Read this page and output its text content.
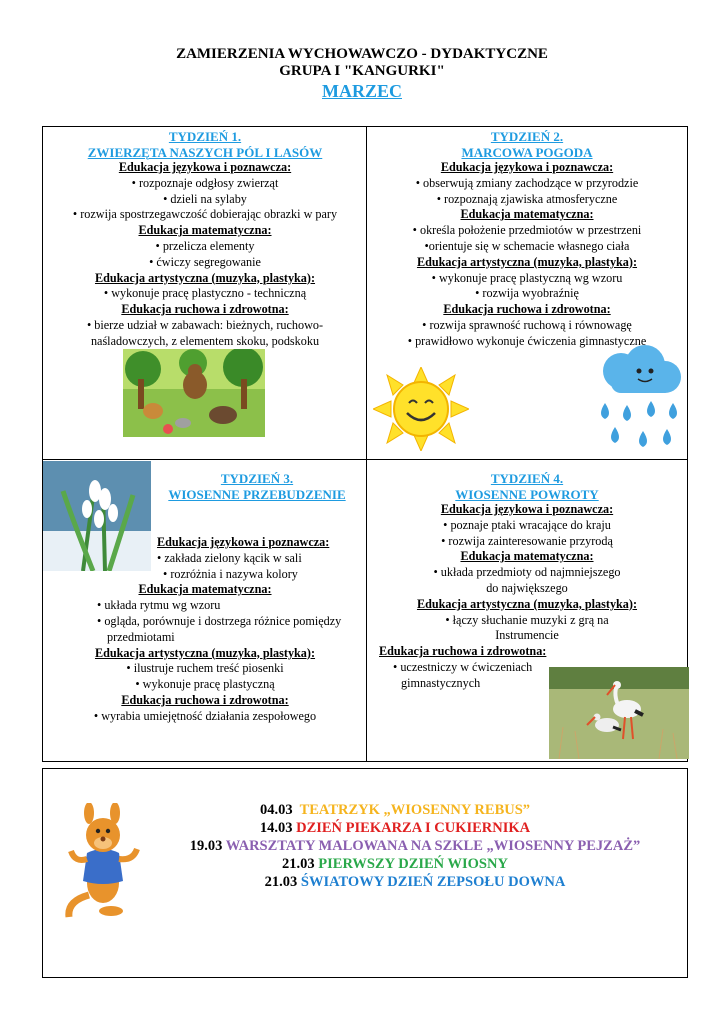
ZAMIERZENIA WYCHOWAWCZO - DYDAKTYCZNE
GRUPA I "KANGURKI"
MARZEC
TYDZIEŃ 1.
ZWIERZĘTA NASZYCH PÓL I LASÓW
Edukacja językowa i poznawcza:
• rozpoznaje odgłosy zwierząt
• dzieli na sylaby
• rozwija spostrzegawczość dobierając obrazki w pary
Edukacja matematyczna:
• przelicza elementy
• ćwiczy segregowanie
Edukacja artystyczna (muzyka, plastyka):
• wykonuje pracę plastyczno - techniczną
Edukacja ruchowa i zdrowotna:
• bierze udział w zabawach: bieżnych, ruchowo-
naśladowczych, z elementem skoku, podskoku
TYDZIEŃ 2.
MARCOWA POGODA
Edukacja językowa i poznawcza:
• obserwują zmiany zachodzące w przyrodzie
• rozpoznają zjawiska atmosferyczne
Edukacja matematyczna:
• określa położenie przedmiotów w przestrzeni
•orientuje się w schemacie własnego ciała
Edukacja artystyczna (muzyka, plastyka):
• wykonuje pracę plastyczną wg wzoru
• rozwija wyobraźnię
Edukacja ruchowa i zdrowotna:
• rozwija sprawność ruchową i równowagę
• prawidłowo wykonuje ćwiczenia gimnastyczne
TYDZIEŃ 3.
WIOSENNE PRZEBUDZENIE
Edukacja językowa i poznawcza:
• zakłada zielony kącik w sali
• rozróżnia i nazywa kolory
Edukacja matematyczna:
• układa rytmu wg wzoru
• ogląda, porównuje i dostrzega różnice pomiędzy
przedmiotami
Edukacja artystyczna (muzyka, plastyka):
• ilustruje ruchem treść piosenki
• wykonuje pracę plastyczną
Edukacja ruchowa i zdrowotna:
• wyrabia umiejętność działania zespołowego
TYDZIEŃ 4.
WIOSENNE POWROTY
Edukacja językowa i poznawcza:
• poznaje ptaki wracające do kraju
• rozwija zainteresowanie przyrodą
Edukacja matematyczna:
• układa przedmioty od najmniejszego
do największego
Edukacja artystyczna (muzyka, plastyka):
• łączy słuchanie muzyki z grą na
Instrumencie
Edukacja ruchowa i zdrowotna:
• uczestniczy w ćwiczeniach
gimnastycznych
04.03 TEATRZYK „WIOSENNY REBUS”
14.03 DZIEŃ PIEKARZA I CUKIERNIKA
19.03 WARSZTATY MALOWANA NA SZKLE „WIOSENNY PEJZAŻ”
21.03 PIERWSZY DZIEŃ WIOSNY
21.03 ŚWIATOWY DZIEŃ ZEPSOŁU DOWNA
